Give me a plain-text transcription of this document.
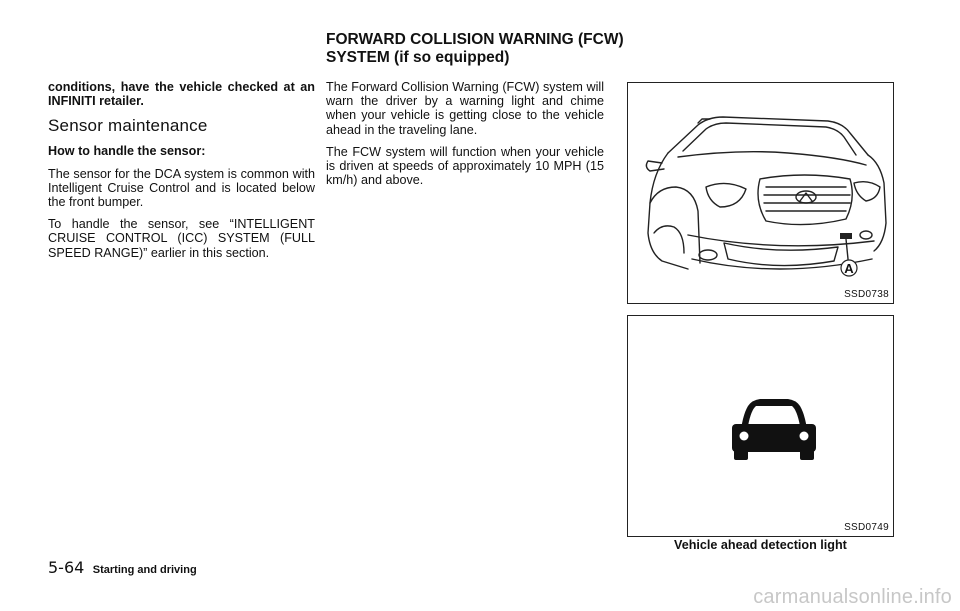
FORWARD COLLISION WARNING (FCW)
SYSTEM (if so equipped)

conditions, have the vehicle checked at an INFINITI retailer.

Sensor maintenance

How to handle the sensor:

The sensor for the DCA system is common with Intelligent Cruise Control and is located below the front bumper.

To handle the sensor, see “INTELLIGENT CRUISE CONTROL (ICC) SYSTEM (FULL SPEED RANGE)” earlier in this section.

The Forward Collision Warning (FCW) system will warn the driver by a warning light and chime when your vehicle is getting close to the vehicle ahead in the traveling lane.

The FCW system will function when your vehicle is driven at speeds of approximately 10 MPH (15 km/h) and above.

A
SSD0738
SSD0749
Vehicle ahead detection light
5-64 Starting and driving
carmanualsonline.info
